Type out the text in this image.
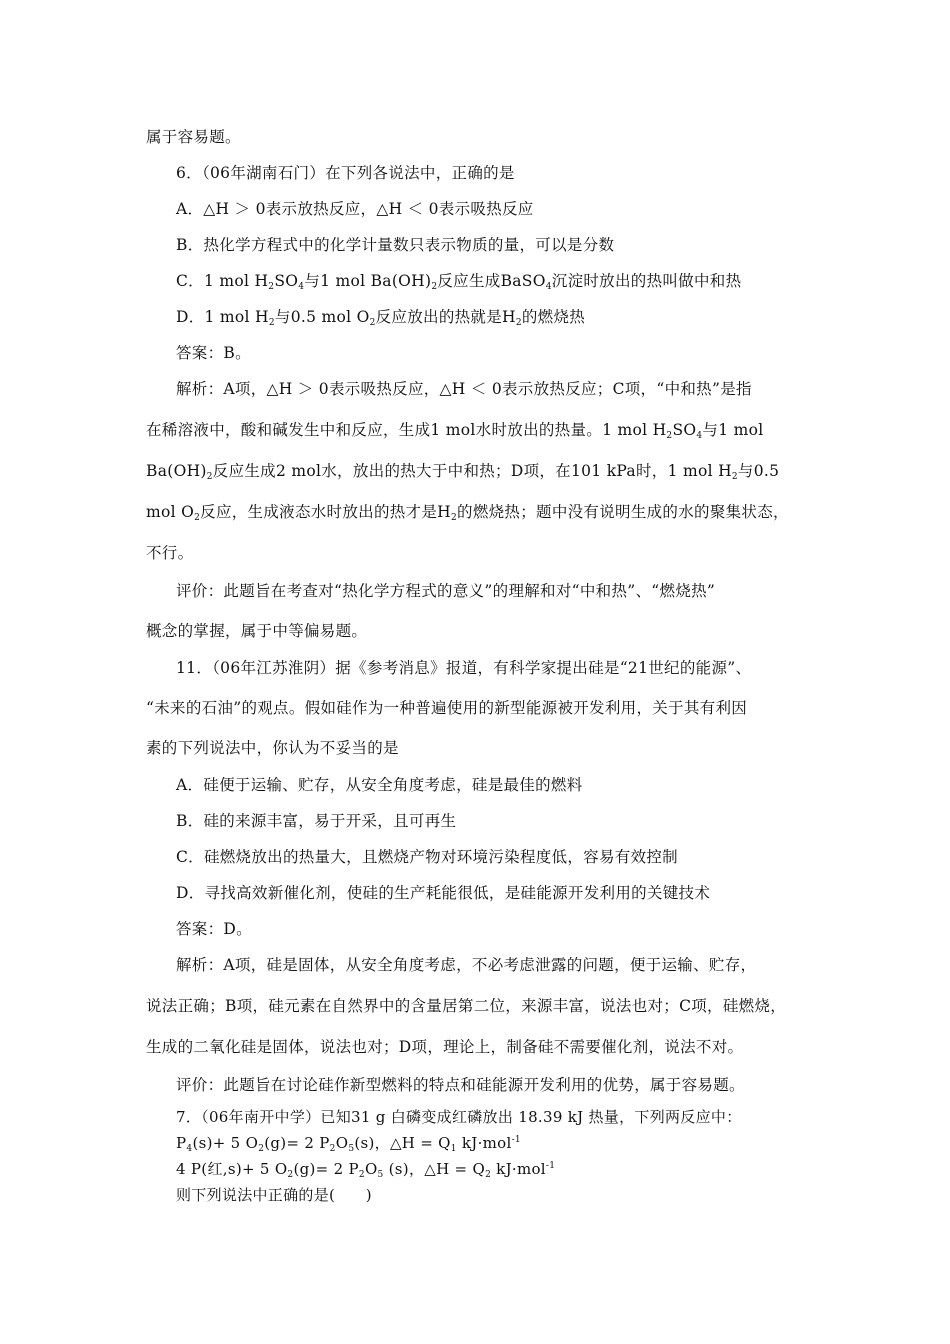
属于容易题。
6．（06年湖南石门）在下列各说法中，正确的是
A．△H ＞ 0表示放热反应，△H ＜ 0表示吸热反应
B．热化学方程式中的化学计量数只表示物质的量，可以是分数
C．1 mol $H_2SO_4$与1 mol $Ba(OH)_2$反应生成BaSO$_4$沉淀时放出的热叫做中和热
D．1 mol $H_2$与0.5 mol $O_2$反应放出的热就是$H_2$的燃烧热
答案：B。
解析：A项，△H ＞ 0表示吸热反应，△H ＜ 0表示放热反应；C项，“中和热”是指
在稀溶液中，酸和碱发生中和反应，生成1 mol水时放出的热量。1 mol $H_2SO_4$与1 mol
$Ba(OH)_2$反应生成2 mol水，放出的热大于中和热；D项，在101 kPa时，1 mol $H_2$与0.5
mol $O_2$反应，生成液态水时放出的热才是$H_2$的燃烧热；题中没有说明生成的水的聚集状态，
不行。
评价：此题旨在考查对“热化学方程式的意义”的理解和对“中和热”、“燃烧热”
概念的掌握，属于中等偏易题。
11．（06年江苏淮阴）据《参考消息》报道，有科学家提出硅是“21世纪的能源”、
“未来的石油”的观点。假如硅作为一种普遍使用的新型能源被开发利用，关于其有利因
素的下列说法中，你认为不妥当的是
A．硅便于运输、贮存，从安全角度考虑，硅是最佳的燃料
B．硅的来源丰富，易于开采，且可再生
C．硅燃烧放出的热量大，且燃烧产物对环境污染程度低，容易有效控制
D．寻找高效新催化剂，使硅的生产耗能很低，是硅能源开发利用的关键技术
答案：D。
解析：A项，硅是固体，从安全角度考虑，不必考虑泄露的问题，便于运输、贮存，
说法正确；B项，硅元素在自然界中的含量居第二位，来源丰富，说法也对；C项，硅燃烧，
生成的二氧化硅是固体，说法也对；D项，理论上，制备硅不需要催化剂，说法不对。
评价：此题旨在讨论硅作新型燃料的特点和硅能源开发利用的优势，属于容易题。
7．（06年南开中学）已知31 g 白磷变成红磷放出 18.39 kJ 热量，下列两反应中：
$P_4(s)+ 5$ $O_2(g)= 2$ $P_2O_5(s)$，△H = $Q_1$ kJ·mol$^{-1}$
4 P(红,s)+ 5 $O_2(g)= 2$ $P_2O_5$ (s)，△H = $Q_2$ kJ·mol$^{-1}$
则下列说法中正确的是(　　)
